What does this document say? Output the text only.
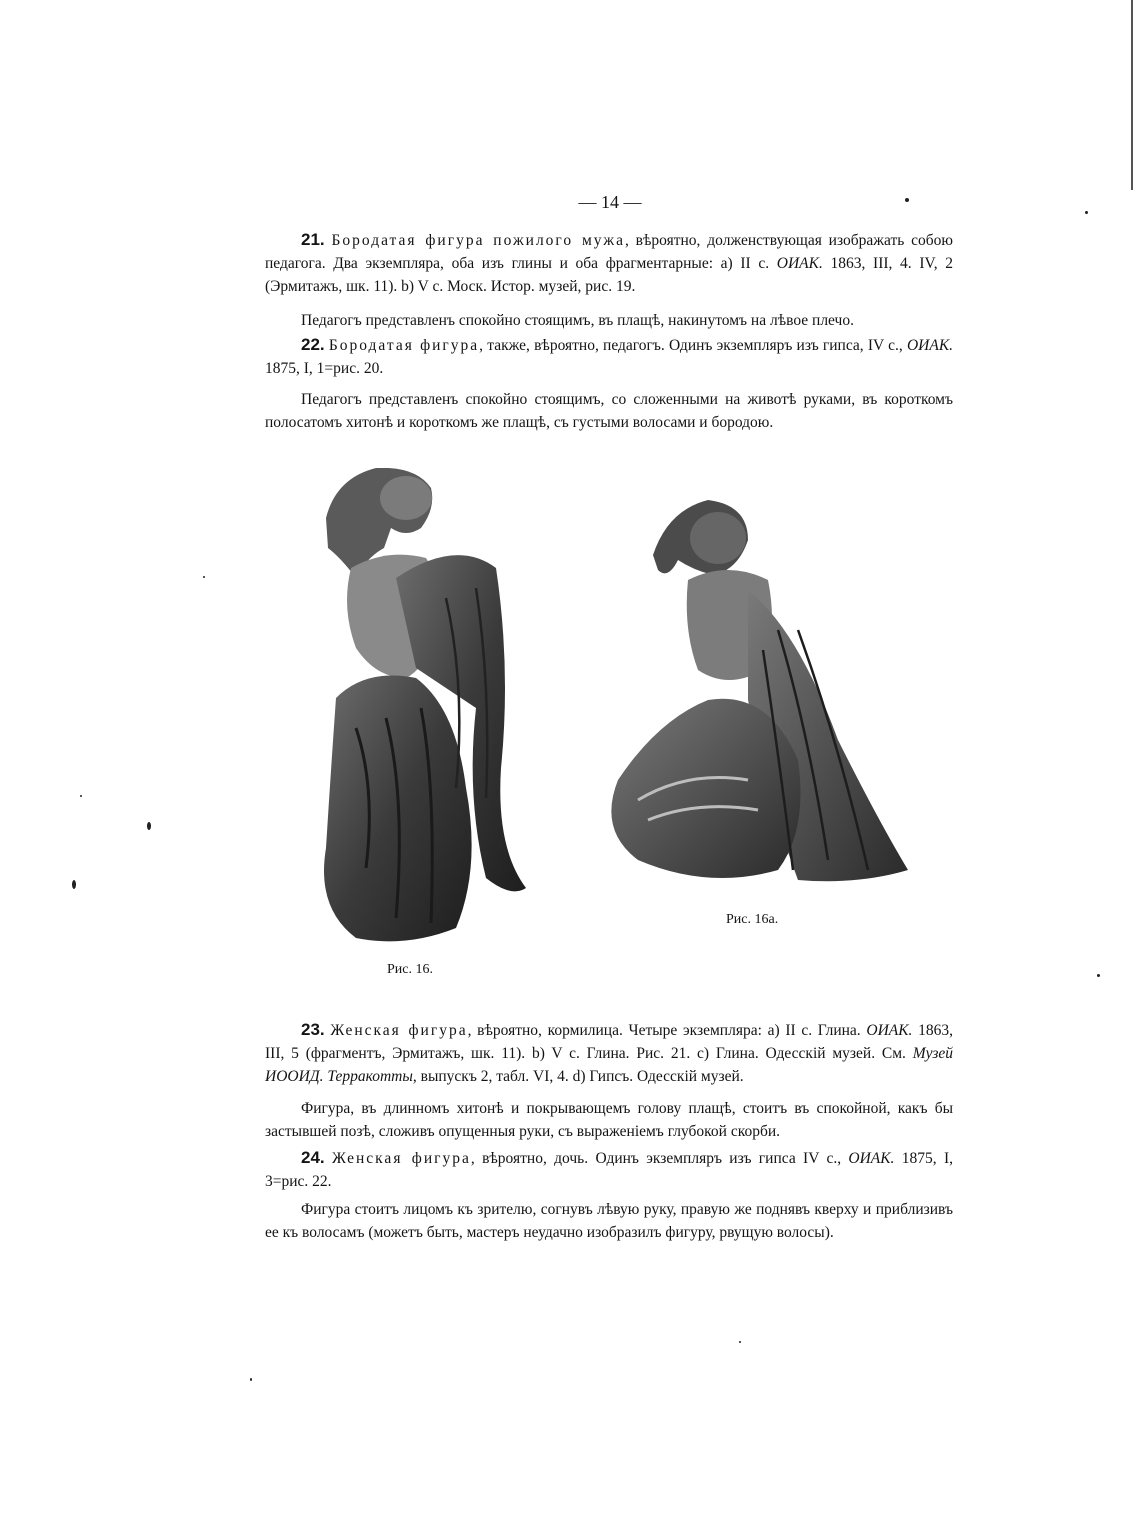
— 14 —
21. Бородатая фигура пожилого мужа, вѣроятно, долженствующая изображать собою педагога. Два экземпляра, оба изъ глины и оба фрагментарные: a) II с. ОИАК. 1863, III, 4. IV, 2 (Эрмитажъ, шк. 11). b) V с. Моск. Истор. музей, рис. 19.
Педагогъ представленъ спокойно стоящимъ, въ плащѣ, накинутомъ на лѣвое плечо.
22. Бородатая фигура, также, вѣроятно, педагогъ. Одинъ экземпляръ изъ гипса, IV с., ОИАК. 1875, I, 1=рис. 20.
Педагогъ представленъ спокойно стоящимъ, со сложенными на животѣ руками, въ короткомъ полосатомъ хитонѣ и короткомъ же плащѣ, съ густыми волосами и бородою.
Рис. 16.
Рис. 16а.
23. Женская фигура, вѣроятно, кормилица. Четыре экземпляра: a) II с. Глина. ОИАК. 1863, III, 5 (фрагментъ, Эрмитажъ, шк. 11). b) V с. Глина. Рис. 21. c) Глина. Одесскій музей. См. Музей ИООИД. Терракотты, выпускъ 2, табл. VI, 4. d) Гипсъ. Одесскій музей.
Фигура, въ длинномъ хитонѣ и покрывающемъ голову плащѣ, стоитъ въ спокойной, какъ бы застывшей позѣ, сложивъ опущенныя руки, съ выраженіемъ глубокой скорби.
24. Женская фигура, вѣроятно, дочь. Одинъ экземпляръ изъ гипса IV с., ОИАК. 1875, I, 3=рис. 22.
Фигура стоитъ лицомъ къ зрителю, согнувъ лѣвую руку, правую же поднявъ кверху и приблизивъ ее къ волосамъ (можетъ быть, мастеръ неудачно изобразилъ фигуру, рвущую волосы).
